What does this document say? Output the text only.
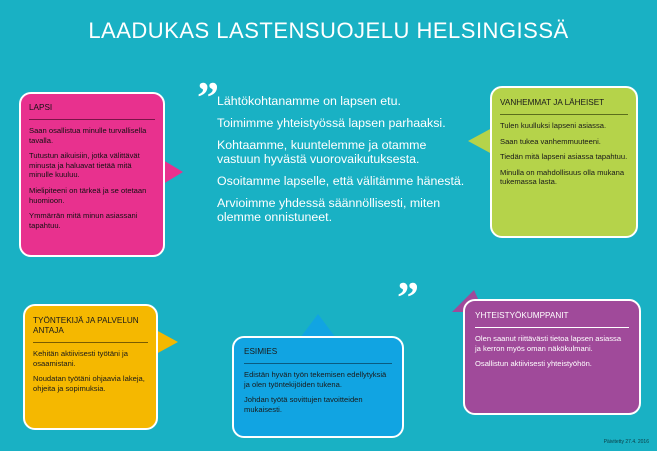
LAADUKAS LASTENSUOJELU HELSINGISSÄ
”
”

Lähtökohtanamme on lapsen etu.

Toimimme yhteistyössä lapsen parhaaksi.

Kohtaamme, kuuntelemme ja otamme vastuun hyvästä vuorovaikutuksesta.

Osoitamme lapselle, että välitämme hänestä.

Arvioimme yhdessä säännöllisesti, miten olemme onnistuneet.

LAPSI

Saan osallistua minulle turvallisella tavalla.

Tutustun aikuisiin, jotka välittävät minusta ja haluavat tietää mitä minulle kuuluu.

Mielipiteeni on tärkeä ja se otetaan huomioon.

Ymmärrän mitä minun asiassani tapahtuu.

VANHEMMAT JA LÄHEISET

Tulen kuulluksi lapseni asiassa.

Saan tukea vanhemmuuteeni.

Tiedän mitä lapseni asiassa tapahtuu.

Minulla on mahdollisuus olla mukana tukemassa lasta.

TYÖNTEKIJÄ JA PALVELUN ANTAJA

Kehitän aktiivisesti työtäni ja osaamistani.

Noudatan työtäni ohjaavia lakeja, ohjeita ja sopimuksia.

ESIMIES

Edistän hyvän työn tekemisen edellytyksiä ja olen työntekijöiden tukena.

Johdan työtä sovittujen tavoitteiden mukaisesti.

YHTEISTYÖKUMPPANIT

Olen saanut riittävästi tietoa lapsen asiassa ja kerron myös oman näkökulmani.

Osallistun aktiivisesti yhteistyöhön.

Päivitetty 27.4. 2016
